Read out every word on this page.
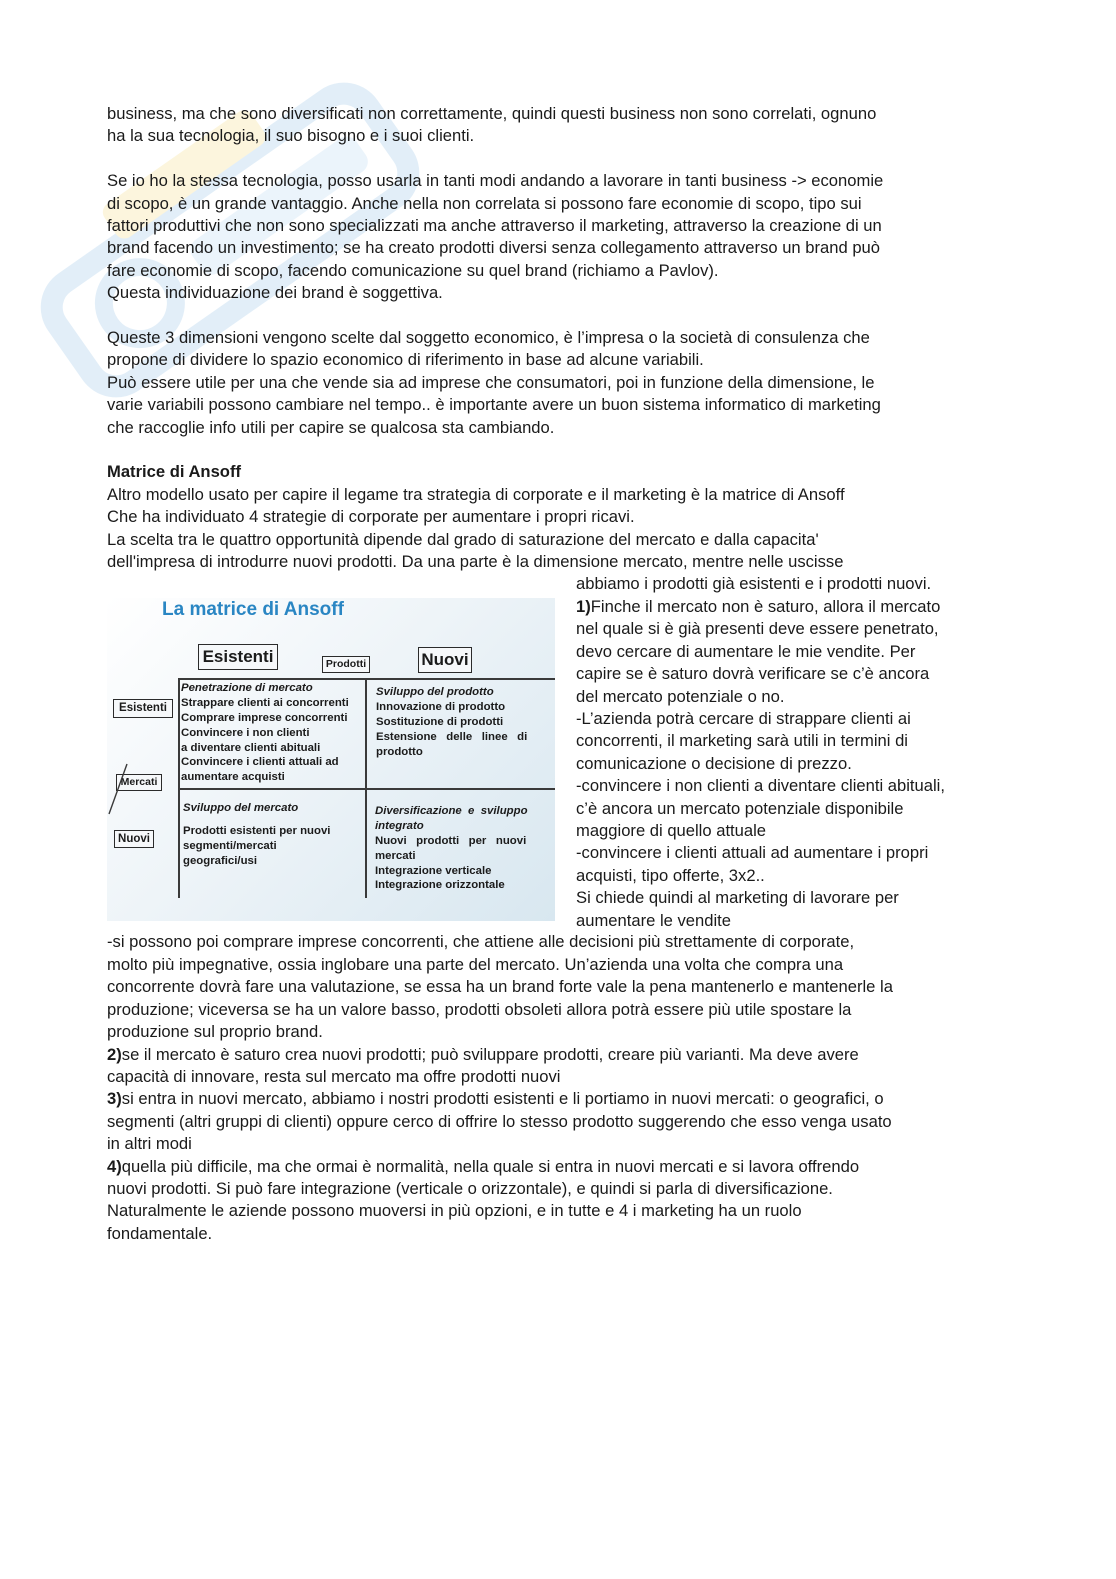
business, ma che sono diversificati non correttamente, quindi questi business non sono correlati, ognuno
ha la sua tecnologia, il suo bisogno e i suoi clienti.

Se io ho la stessa tecnologia, posso usarla in tanti modi andando a lavorare in tanti business -> economie
di scopo, è un grande vantaggio. Anche nella non correlata si possono fare economie di scopo, tipo sui
fattori produttivi che non sono specializzati ma anche attraverso il marketing, attraverso la creazione di un
brand facendo un investimento; se ha creato prodotti diversi senza collegamento attraverso un brand può
fare economie di scopo, facendo comunicazione su quel brand (richiamo a Pavlov).
Questa individuazione dei brand è soggettiva.

Queste 3 dimensioni vengono scelte dal soggetto economico, è l’impresa o la società di consulenza che
propone di dividere lo spazio economico di riferimento in base ad alcune variabili.
Può essere utile per una che vende sia ad imprese che consumatori, poi in funzione della dimensione, le
varie variabili possono cambiare nel tempo.. è importante avere un buon sistema informatico di marketing
che raccoglie info utili per capire se qualcosa sta cambiando.

Matrice di Ansoff

Altro modello usato per capire il legame tra strategia di corporate e il marketing è la matrice di Ansoff
Che ha individuato 4 strategie di corporate per aumentare i propri ricavi.
La scelta tra le quattro opportunità dipende dal grado di saturazione del mercato e dalla capacita'
dell'impresa di introdurre nuovi prodotti. Da una parte è la dimensione mercato, mentre nelle uscisse

La matrice di Ansoff
Esistenti	Prodotti	Nuovi
Esistenti
Mercati
Nuovi
Penetrazione di mercato
Strappare clienti ai concorrenti
Comprare imprese concorrenti
Convincere i non clienti
a diventare clienti abituali
Convincere i clienti attuali ad
aumentare acquisti
Sviluppo del prodotto
Innovazione di prodotto
Sostituzione di prodotti
Estensione   delle   linee   di
prodotto
Sviluppo del mercato
Prodotti esistenti per nuovi
segmenti/mercati
geografici/usi
Diversificazione  e  sviluppo
integrato
Nuovi   prodotti   per   nuovi
mercati
Integrazione verticale
Integrazione orizzontale
abbiamo i prodotti già esistenti e i prodotti nuovi.
1)Finche il mercato non è saturo, allora il mercato
nel quale si è già presenti deve essere penetrato,
devo cercare di aumentare le mie vendite. Per
capire se è saturo dovrà verificare se c’è ancora
del mercato potenziale o no.
-L’azienda potrà cercare di strappare clienti ai
concorrenti, il marketing sarà utili in termini di
comunicazione o decisione di prezzo.
-convincere i non clienti a diventare clienti abituali,
c’è ancora un mercato potenziale disponibile
maggiore di quello attuale
-convincere i clienti attuali ad aumentare i propri
acquisti, tipo offerte, 3x2..
Si chiede quindi al marketing di lavorare per
aumentare le vendite

-si possono poi comprare imprese concorrenti, che attiene alle decisioni più strettamente di corporate,
molto più impegnative, ossia inglobare una parte del mercato. Un’azienda una volta che compra una
concorrente dovrà fare una valutazione, se essa ha un brand forte vale la pena mantenerlo e mantenerle la
produzione; viceversa se ha un valore basso, prodotti obsoleti allora potrà essere più utile spostare la
produzione sul proprio brand.

2)se il mercato è saturo crea nuovi prodotti; può sviluppare prodotti, creare più varianti. Ma deve avere
capacità di innovare, resta sul mercato ma offre prodotti nuovi

3)si entra in nuovi mercato, abbiamo i nostri prodotti esistenti e li portiamo in nuovi mercati: o geografici, o
segmenti (altri gruppi di clienti) oppure cerco di offrire lo stesso prodotto suggerendo che esso venga usato
in altri modi

4)quella più difficile, ma che ormai è normalità, nella quale si entra in nuovi mercati e si lavora offrendo
nuovi prodotti. Si può fare integrazione (verticale o orizzontale), e quindi si parla di diversificazione.
Naturalmente le aziende possono muoversi in più opzioni, e in tutte e 4 i marketing ha un ruolo
fondamentale.
